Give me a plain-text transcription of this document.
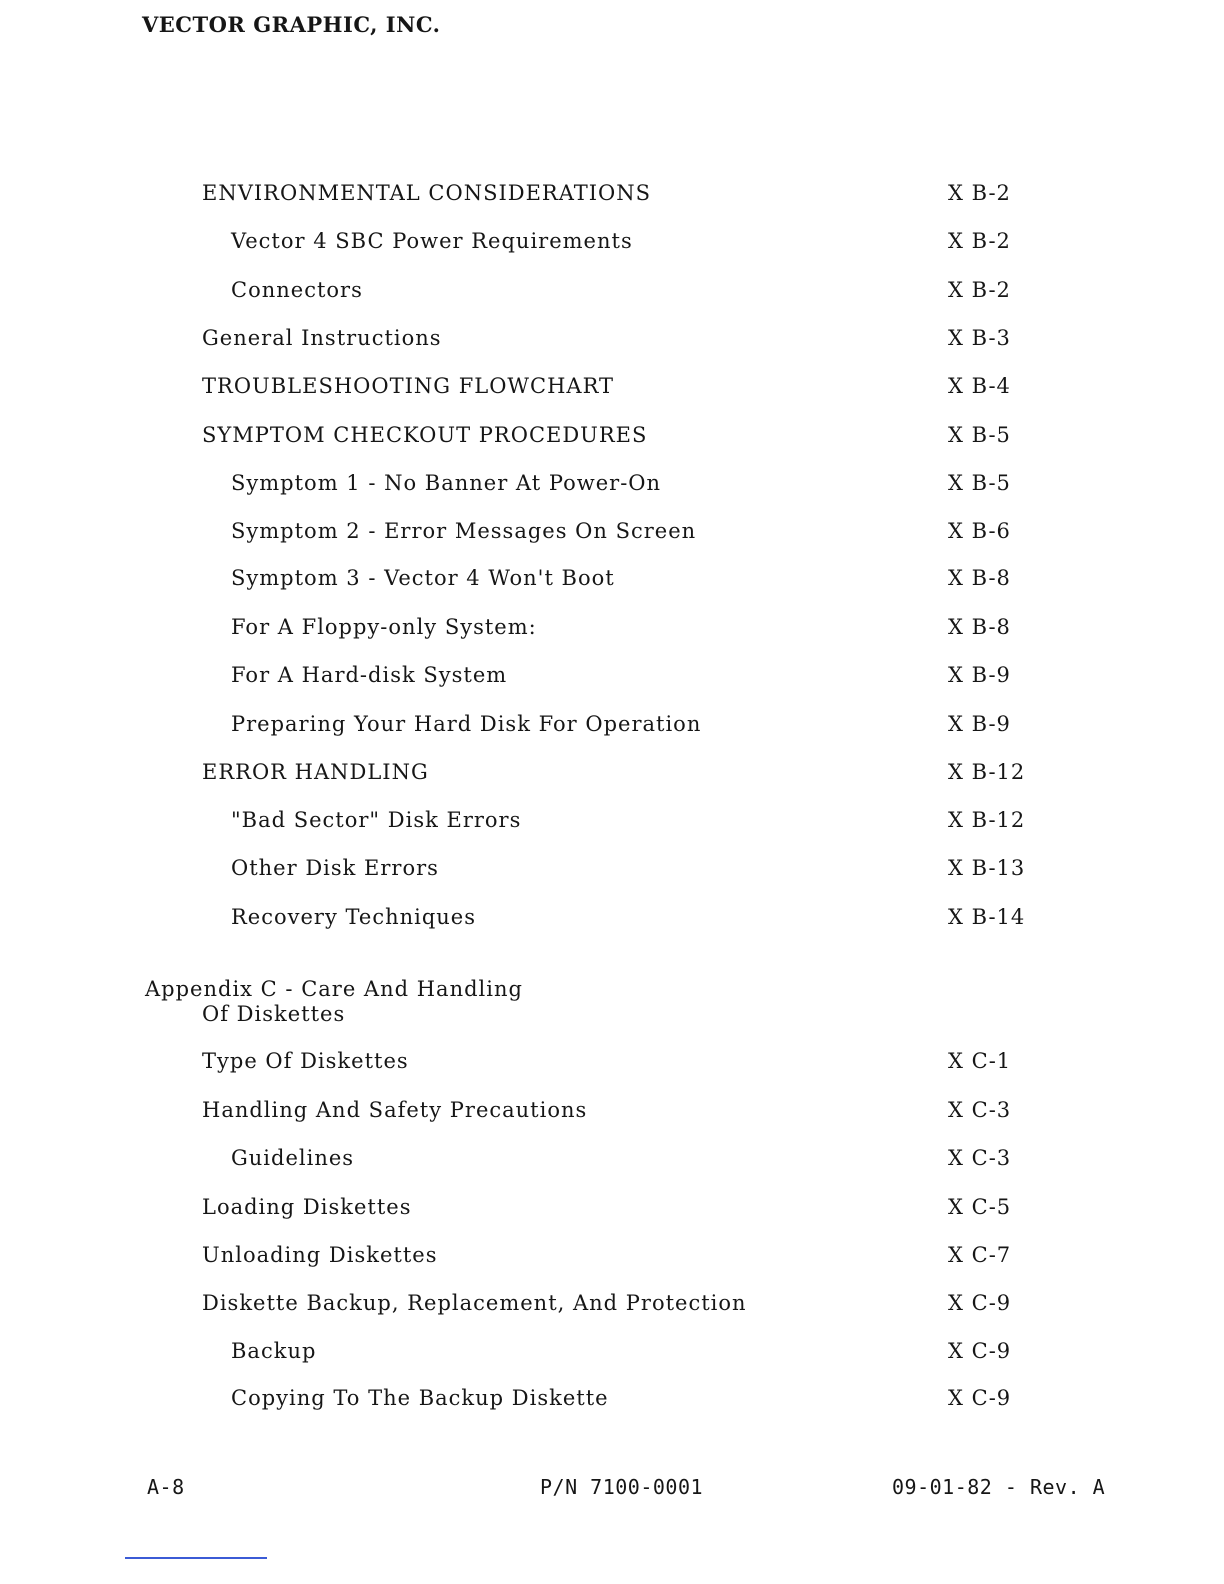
VECTOR GRAPHIC, INC.
ENVIRONMENTAL CONSIDERATIONS	X B-2
Vector 4 SBC Power Requirements	X B-2
Connectors	X B-2
General Instructions	X B-3
TROUBLESHOOTING FLOWCHART	X B-4
SYMPTOM CHECKOUT PROCEDURES	X B-5
Symptom 1 - No Banner At Power-On	X B-5
Symptom 2 - Error Messages On Screen	X B-6
Symptom 3 - Vector 4 Won't Boot	X B-8
For A Floppy-only System:	X B-8
For A Hard-disk System	X B-9
Preparing Your Hard Disk For Operation	X B-9
ERROR HANDLING	X B-12
"Bad Sector" Disk Errors	X B-12
Other Disk Errors	X B-13
Recovery Techniques	X B-14
Appendix C - Care And Handling
Of Diskettes
Type Of Diskettes	X C-1
Handling And Safety Precautions	X C-3
Guidelines	X C-3
Loading Diskettes	X C-5
Unloading Diskettes	X C-7
Diskette Backup, Replacement, And Protection	X C-9
Backup	X C-9
Copying To The Backup Diskette	X C-9
A-8	P/N 7100-0001	09-01-82 - Rev. A
